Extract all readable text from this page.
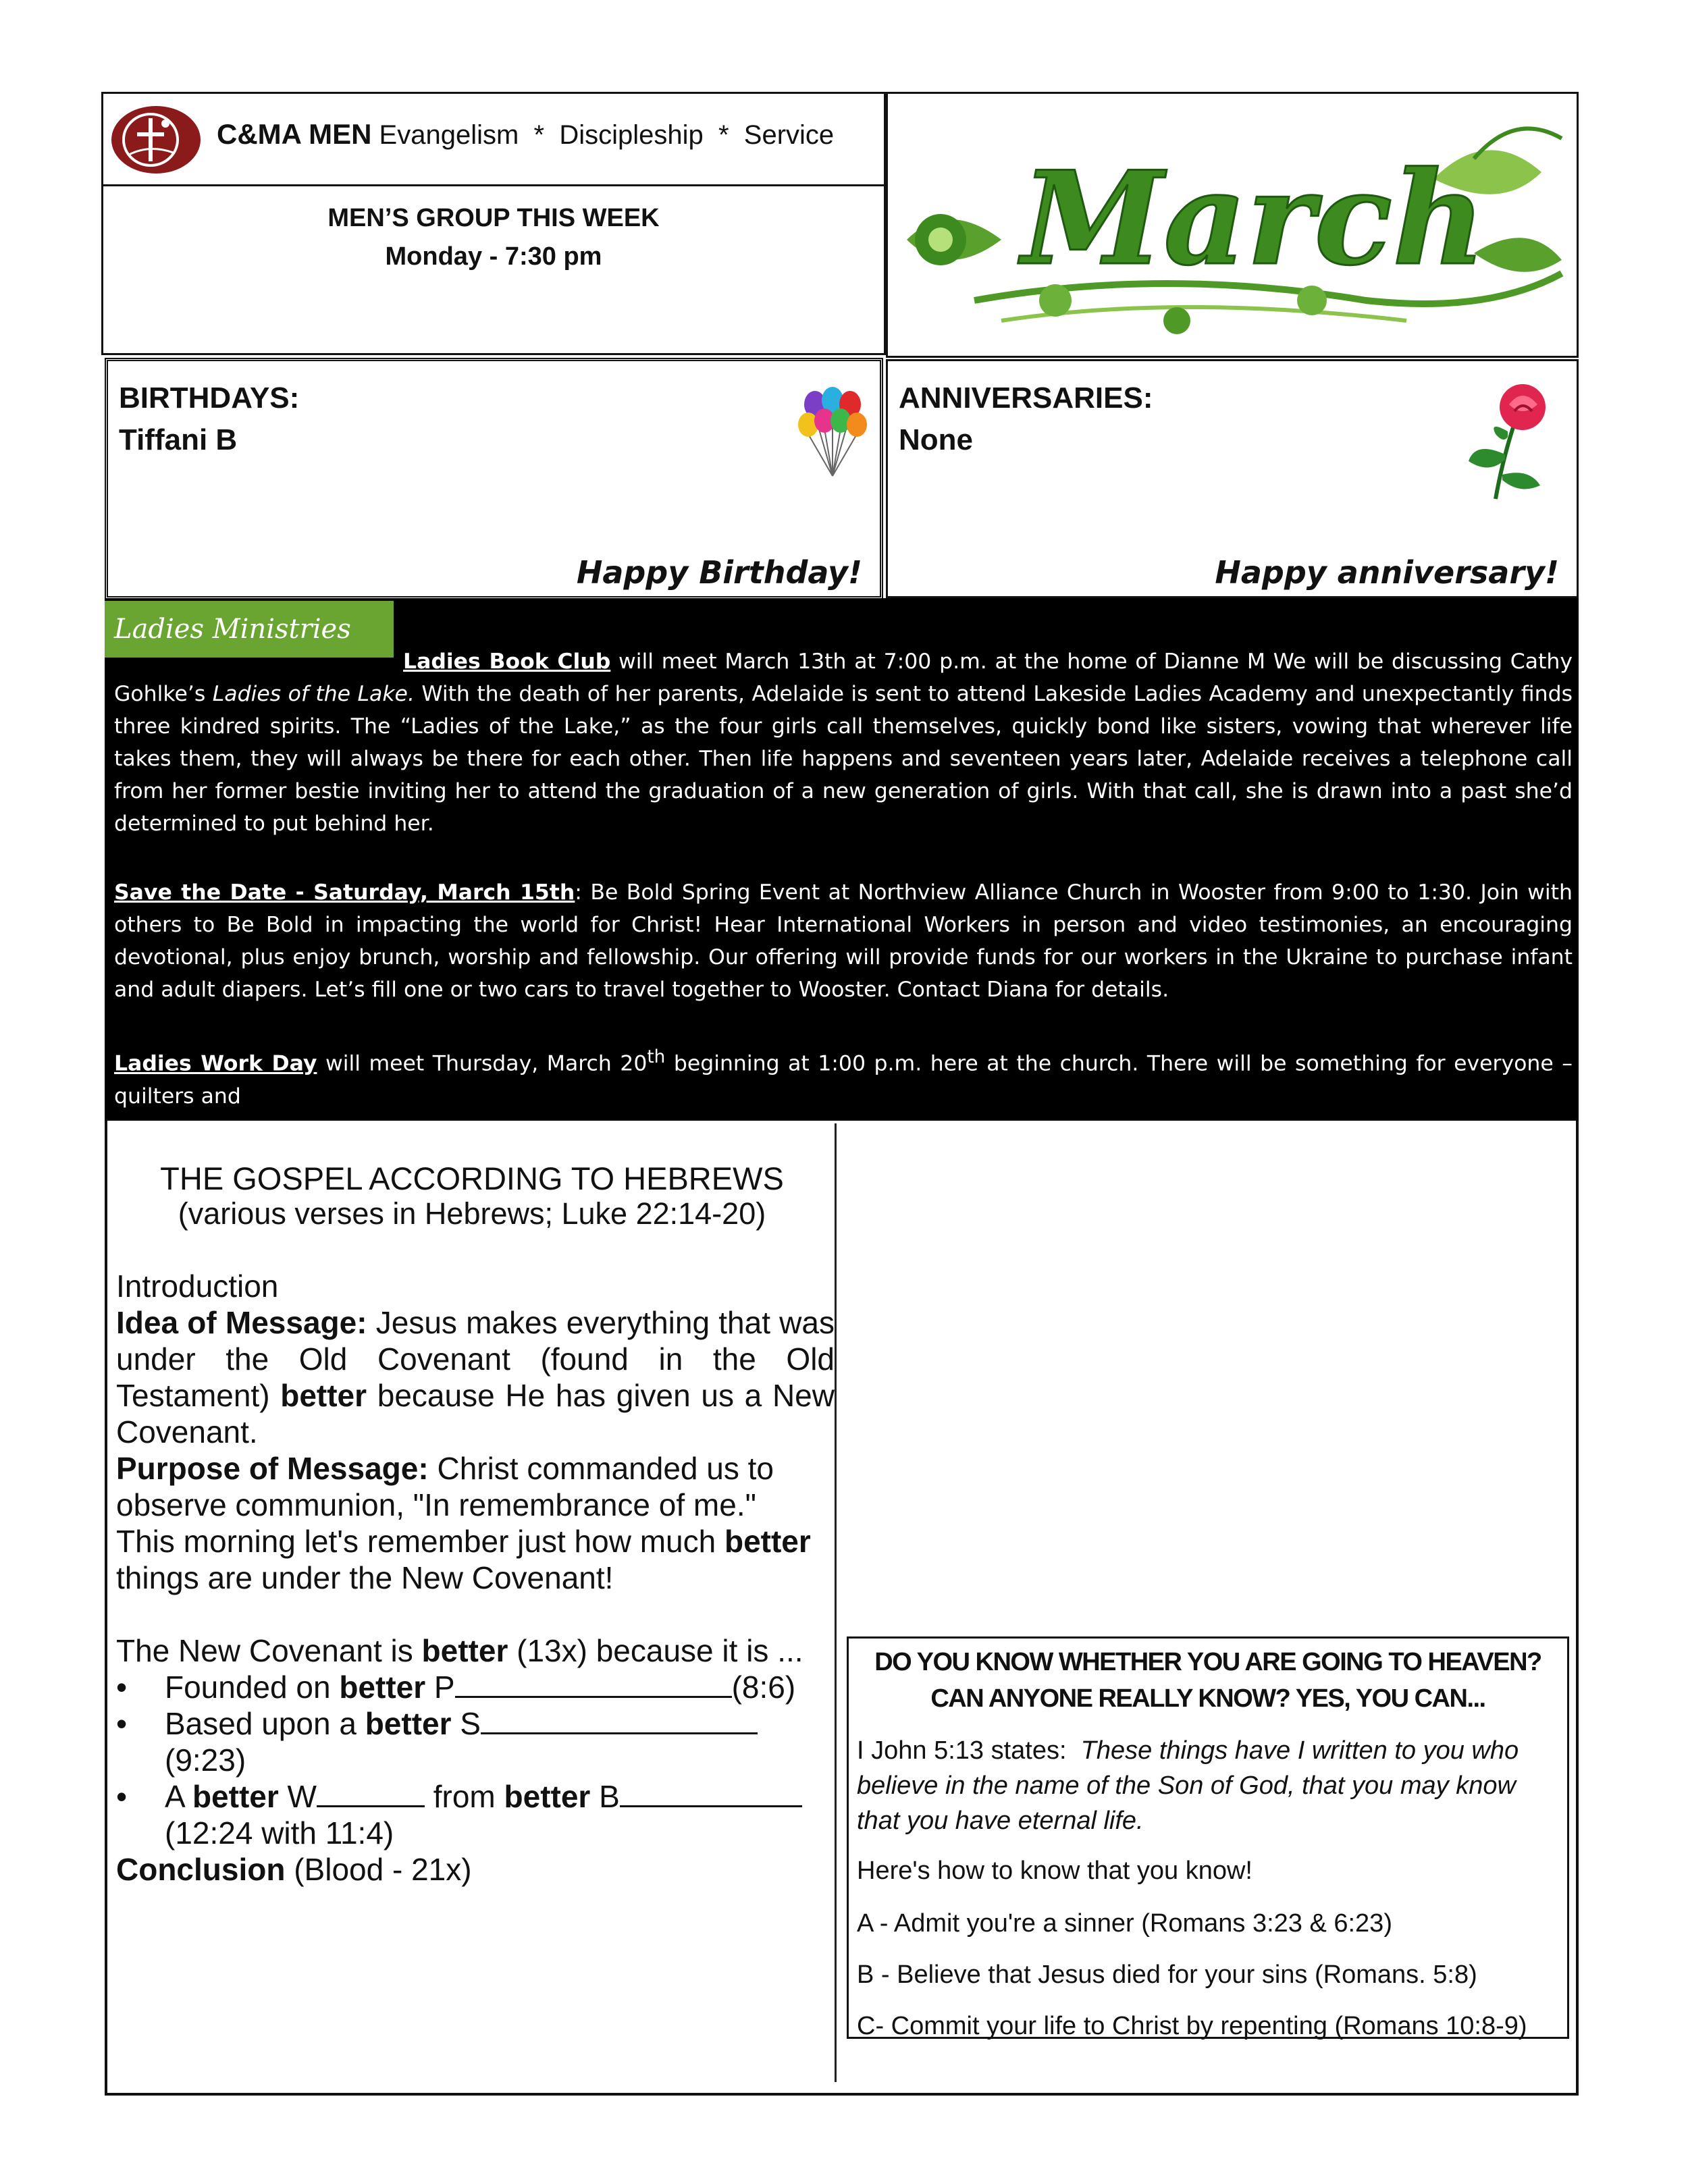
C&MA MEN Evangelism  *  Discipleship  *  Service
MEN’S GROUP THIS WEEK
Monday - 7:30 pm	March
BIRTHDAYS:
Tiffani B
Happy Birthday!
ANNIVERSARIES:
None
Happy anniversary!
Ladies Ministries

Ladies Book Club will meet March 13th at 7:00 p.m. at the home of Dianne M We will be discussing Cathy Gohlke’s Ladies of the Lake. With the death of her parents, Adelaide is sent to attend Lakeside Ladies Academy and unexpectantly finds three kindred spirits. The “Ladies of the Lake,” as the four girls call themselves, quickly bond like sisters, vowing that wherever life takes them, they will always be there for each other. Then life happens and seventeen years later, Adelaide receives a telephone call from her former bestie inviting her to attend the graduation of a new generation of girls. With that call, she is drawn into a past she’d determined to put behind her.

Save the Date - Saturday, March 15th: Be Bold Spring Event at Northview Alliance Church in Wooster from 9:00 to 1:30. Join with others to Be Bold in impacting the world for Christ! Hear International Workers in person and video testimonies, an encouraging devotional, plus enjoy brunch, worship and fellowship. Our offering will provide funds for our workers in the Ukraine to purchase infant and adult diapers. Let’s fill one or two cars to travel together to Wooster. Contact Diana for details.

Ladies Work Day will meet Thursday, March 20th beginning at 1:00 p.m. here at the church. There will be something for everyone – quilters and

THE GOSPEL ACCORDING TO HEBREWS
(various verses in Hebrews; Luke 22:14-20)

Introduction

Idea of Message: Jesus makes everything that was under the Old Covenant (found in the Old Testament) better because He has given us a New Covenant.

Purpose of Message: Christ commanded us to observe communion, "In remembrance of me."

This morning let's remember just how much better things are under the New Covenant!

The New Covenant is better (13x) because it is ...

• Founded on better P	(8:6)
• Based upon a better S
(9:23)
• A better W	from better B
(12:24 with 11:4)

Conclusion (Blood - 21x)

DO YOU KNOW WHETHER YOU ARE GOING TO HEAVEN?
CAN ANYONE REALLY KNOW? YES, YOU CAN...
I John 5:13 states:  These things have I written to you who believe in the name of the Son of God, that you may know that you have eternal life.
Here's how to know that you know!
A - Admit you're a sinner (Romans 3:23 & 6:23)
B - Believe that Jesus died for your sins (Romans. 5:8)
C- Commit your life to Christ by repenting (Romans 10:8-9)
